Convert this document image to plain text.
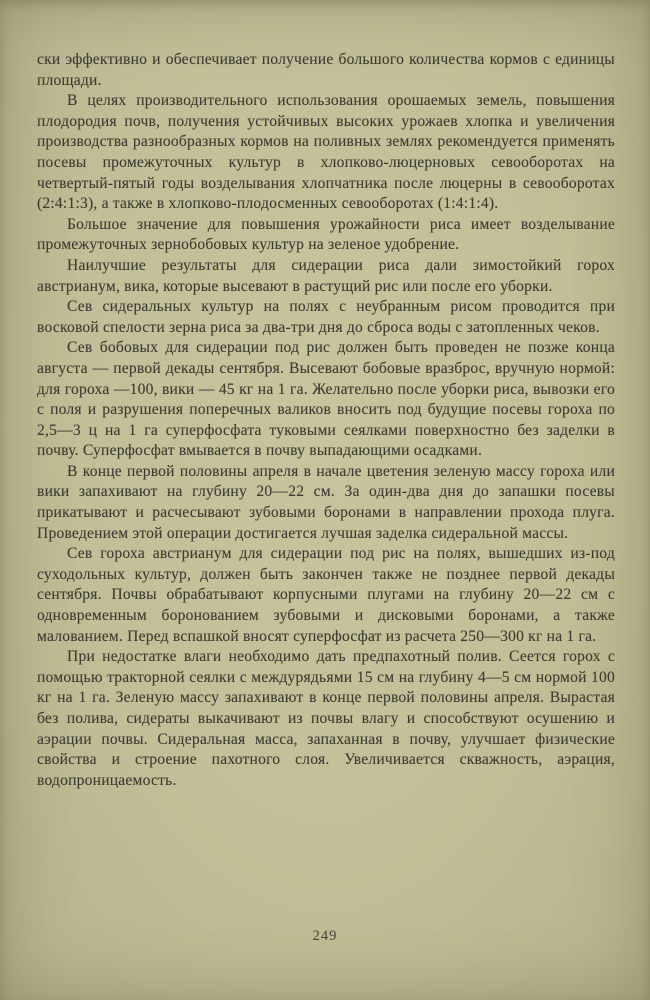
ски эффективно и обеспечивает получение большого количества кормов с единицы площади.

В целях производительного использования орошаемых земель, повышения плодородия почв, получения устойчивых высоких урожаев хлопка и увеличения производства разнообразных кормов на поливных землях рекомендуется применять посевы промежуточных культур в хлопково-люцерновых севооборотах на четвертый-пятый годы возделывания хлопчатника после люцерны в севооборотах (2:4:1:3), а также в хлопково-плодосменных севооборотах (1:4:1:4).

Большое значение для повышения урожайности риса имеет возделывание промежуточных зернобобовых культур на зеленое удобрение.

Наилучшие результаты для сидерации риса дали зимостойкий горох австрианум, вика, которые высевают в растущий рис или после его уборки.

Сев сидеральных культур на полях с неубранным рисом проводится при восковой спелости зерна риса за два-три дня до сброса воды с затопленных чеков.

Сев бобовых для сидерации под рис должен быть проведен не позже конца августа — первой декады сентября. Высевают бобовые вразброс, вручную нормой: для гороха —100, вики — 45 кг на 1 га. Желательно после уборки риса, вывозки его с поля и разрушения поперечных валиков вносить под будущие посевы гороха по 2,5—3 ц на 1 га суперфосфата туковыми сеялками поверхностно без заделки в почву. Суперфосфат вмывается в почву выпадающими осадками.

В конце первой половины апреля в начале цветения зеленую массу гороха или вики запахивают на глубину 20—22 см. За один-два дня до запашки посевы прикатывают и расчесывают зубовыми боронами в направлении прохода плуга. Проведением этой операции достигается лучшая заделка сидеральной массы.

Сев гороха австрианум для сидерации под рис на полях, вышедших из-под суходольных культур, должен быть закончен также не позднее первой декады сентября. Почвы обрабатывают корпусными плугами на глубину 20—22 см с одновременным боронованием зубовыми и дисковыми боронами, а также малованием. Перед вспашкой вносят суперфосфат из расчета 250—300 кг на 1 га.

При недостатке влаги необходимо дать предпахотный полив. Сеется горох с помощью тракторной сеялки с междурядьями 15 см на глубину 4—5 см нормой 100 кг на 1 га. Зеленую массу запахивают в конце первой половины апреля. Вырастая без полива, сидераты выкачивают из почвы влагу и способствуют осушению и аэрации почвы. Сидеральная масса, запаханная в почву, улучшает физические свойства и строение пахотного слоя. Увеличивается скважность, аэрация, водопроницаемость.

249
